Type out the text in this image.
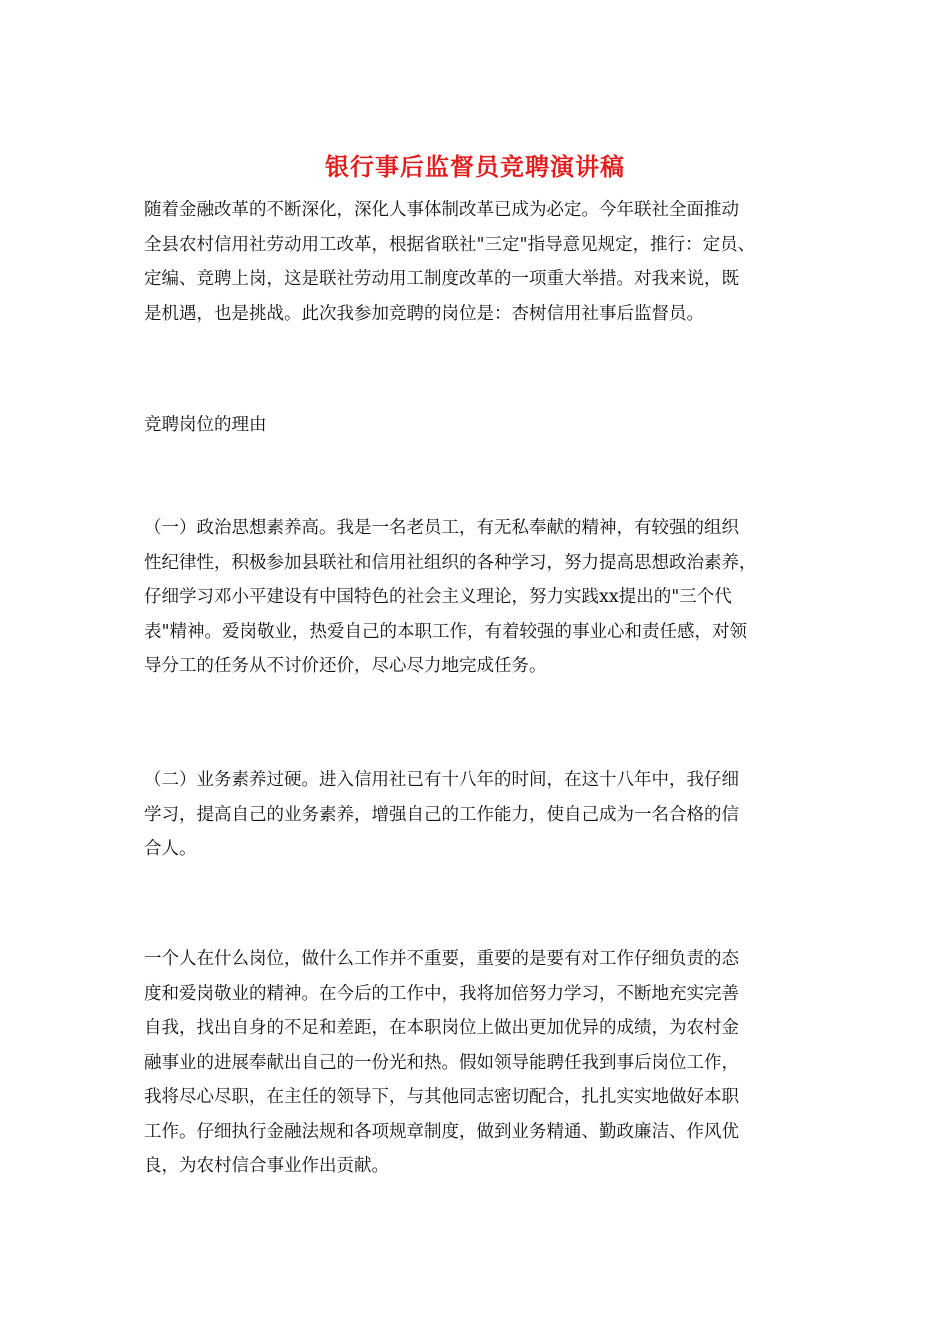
银行事后监督员竞聘演讲稿
随着金融改革的不断深化，深化人事体制改革已成为必定。今年联社全面推动
全县农村信用社劳动用工改革，根据省联社"三定"指导意见规定，推行：定员、
定编、竞聘上岗，这是联社劳动用工制度改革的一项重大举措。对我来说，既
是机遇，也是挑战。此次我参加竞聘的岗位是：杏树信用社事后监督员。
竞聘岗位的理由
（一）政治思想素养高。我是一名老员工，有无私奉献的精神，有较强的组织
性纪律性，积极参加县联社和信用社组织的各种学习，努力提高思想政治素养，
仔细学习邓小平建设有中国特色的社会主义理论，努力实践xx提出的"三个代
表"精神。爱岗敬业，热爱自己的本职工作，有着较强的事业心和责任感，对领
导分工的任务从不讨价还价，尽心尽力地完成任务。
（二）业务素养过硬。进入信用社已有十八年的时间，在这十八年中，我仔细
学习，提高自己的业务素养，增强自己的工作能力，使自己成为一名合格的信
合人。
一个人在什么岗位，做什么工作并不重要，重要的是要有对工作仔细负责的态
度和爱岗敬业的精神。在今后的工作中，我将加倍努力学习，不断地充实完善
自我，找出自身的不足和差距，在本职岗位上做出更加优异的成绩，为农村金
融事业的进展奉献出自己的一份光和热。假如领导能聘任我到事后岗位工作，
我将尽心尽职，在主任的领导下，与其他同志密切配合，扎扎实实地做好本职
工作。仔细执行金融法规和各项规章制度，做到业务精通、勤政廉洁、作风优
良，为农村信合事业作出贡献。
